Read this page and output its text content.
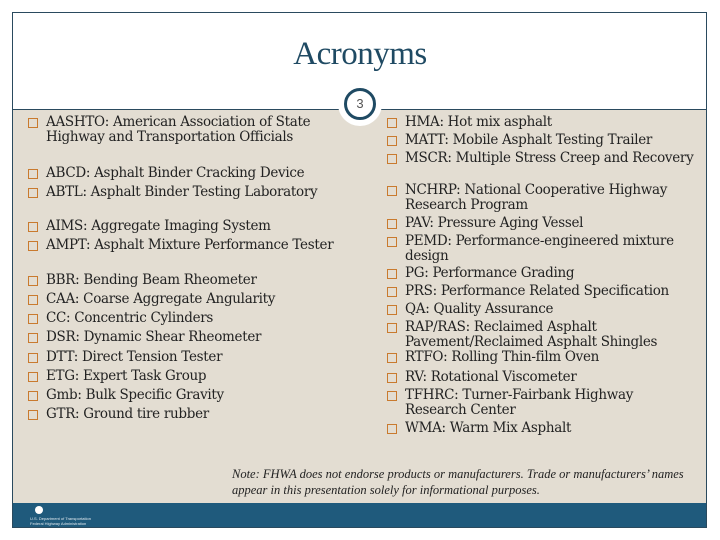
Acronyms
3
AASHTO: American Association of State Highway and Transportation Officials
ABCD: Asphalt Binder Cracking Device
ABTL: Asphalt Binder Testing Laboratory
AIMS: Aggregate Imaging System
AMPT: Asphalt Mixture Performance Tester
BBR: Bending Beam Rheometer
CAA: Coarse Aggregate Angularity
CC: Concentric Cylinders
DSR: Dynamic Shear Rheometer
DTT: Direct Tension Tester
ETG: Expert Task Group
Gmb: Bulk Specific Gravity
GTR: Ground tire rubber
HMA: Hot mix asphalt
MATT: Mobile Asphalt Testing Trailer
MSCR: Multiple Stress Creep and Recovery
NCHRP: National Cooperative Highway Research Program
PAV: Pressure Aging Vessel
PEMD: Performance-engineered mixture design
PG: Performance Grading
PRS: Performance Related Specification
QA: Quality Assurance
RAP/RAS: Reclaimed Asphalt Pavement/Reclaimed Asphalt Shingles
RTFO: Rolling Thin-film Oven
RV: Rotational Viscometer
TFHRC: Turner-Fairbank Highway Research Center
WMA: Warm Mix Asphalt
Note: FHWA does not endorse products or manufacturers. Trade or manufacturers’ names appear in this presentation solely for informational purposes.
U.S. Department of Transportation
Federal Highway Administration
